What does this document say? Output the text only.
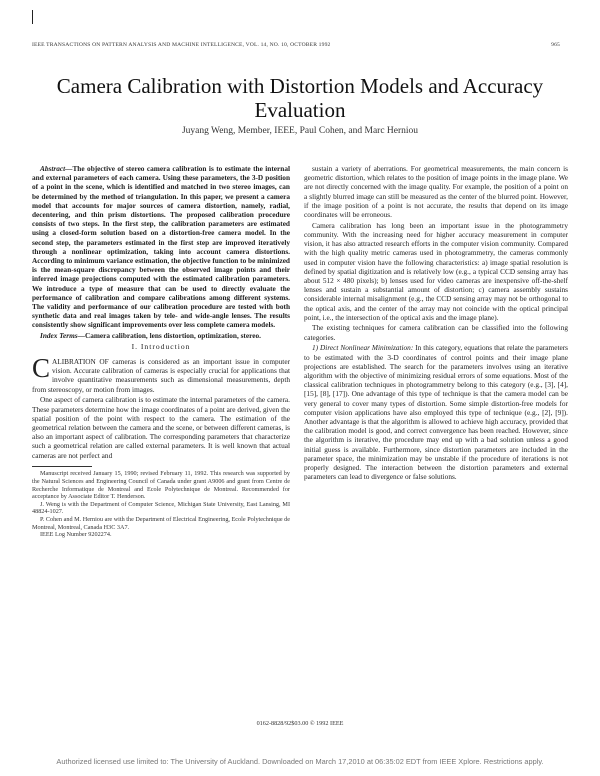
IEEE TRANSACTIONS ON PATTERN ANALYSIS AND MACHINE INTELLIGENCE, VOL. 14, NO. 10, OCTOBER 1992	965
Camera Calibration with Distortion Models and Accuracy Evaluation
Juyang Weng, Member, IEEE, Paul Cohen, and Marc Herniou

Abstract—The objective of stereo camera calibration is to estimate the internal and external parameters of each camera. Using these parameters, the 3-D position of a point in the scene, which is identified and matched in two stereo images, can be determined by the method of triangulation. In this paper, we present a camera model that accounts for major sources of camera distortion, namely, radial, decentering, and thin prism distortions. The proposed calibration procedure consists of two steps. In the first step, the calibration parameters are estimated using a closed-form solution based on a distortion-free camera model. In the second step, the parameters estimated in the first step are improved iteratively through a nonlinear optimization, taking into account camera distortions. According to minimum variance estimation, the objective function to be minimized is the mean-square discrepancy between the observed image points and their inferred image projections computed with the estimated calibration parameters. We introduce a type of measure that can be used to directly evaluate the performance of calibration and compare calibrations among different systems. The validity and performance of our calibration procedure are tested with both synthetic data and real images taken by tele- and wide-angle lenses. The results consistently show significant improvements over less complete camera models.

Index Terms—Camera calibration, lens distortion, optimization, stereo.

I. Introduction

CALIBRATION OF cameras is considered as an important issue in computer vision. Accurate calibration of cameras is especially crucial for applications that involve quantitative measurements such as dimensional measurements, depth from stereoscopy, or motion from images.

One aspect of camera calibration is to estimate the internal parameters of the camera. These parameters determine how the image coordinates of a point are derived, given the spatial position of the point with respect to the camera. The estimation of the geometrical relation between the camera and the scene, or between different cameras, is also an important aspect of calibration. The corresponding parameters that characterize such a geometrical relation are called external parameters. It is well known that actual cameras are not perfect and

Manuscript received January 15, 1990; revised February 11, 1992. This research was supported by the Natural Sciences and Engineering Council of Canada under grant A9006 and grant from Centre de Recherche Informatique de Montreal and Ecole Polytechnique de Montreal. Recommended for acceptance by Associate Editor T. Henderson.

J. Weng is with the Department of Computer Science, Michigan State University, East Lansing, MI 48824-1027.

P. Cohen and M. Herniou are with the Department of Electrical Engineering, Ecole Polytechnique de Montreal, Montreal, Canada H3C 3A7.

IEEE Log Number 9202274.

sustain a variety of aberrations. For geometrical measurements, the main concern is geometric distortion, which relates to the position of image points in the image plane. We are not directly concerned with the image quality. For example, the position of a point on a slightly blurred image can still be measured as the center of the blurred point. However, if the image position of a point is not accurate, the results that depend on its image coordinates will be erroneous.

Camera calibration has long been an important issue in the photogrammetry community. With the increasing need for higher accuracy measurement in computer vision, it has also attracted research efforts in the computer vision community. Compared with the high quality metric cameras used in photogrammetry, the cameras commonly used in computer vision have the following characteristics: a) image spatial resolution is defined by spatial digitization and is relatively low (e.g., a typical CCD sensing array has about 512 × 480 pixels); b) lenses used for video cameras are inexpensive off-the-shelf lenses and sustain a substantial amount of distortion; c) camera assembly sustains considerable internal misalignment (e.g., the CCD sensing array may not be orthogonal to the optical axis, and the center of the array may not coincide with the optical principal point, i.e., the intersection of the optical axis and the image plane).

The existing techniques for camera calibration can be classified into the following categories.

1) Direct Nonlinear Minimization: In this category, equations that relate the parameters to be estimated with the 3-D coordinates of control points and their image plane projections are established. The search for the parameters involves using an iterative algorithm with the objective of minimizing residual errors of some equations. Most of the classical calibration techniques in photogrammetry belong to this category (e.g., [3], [4], [15], [8], [17]). One advantage of this type of technique is that the camera model can be very general to cover many types of distortion. Some simple distortion-free models for computer vision applications have also employed this type of technique (e.g., [2], [9]). Another advantage is that the algorithm is allowed to achieve high accuracy, provided that the calibration model is good, and correct convergence has been reached. However, since the algorithm is iterative, the procedure may end up with a bad solution unless a good initial guess is available. Furthermore, since distortion parameters are included in the parameter space, the minimization may be unstable if the procedure of iterations is not properly designed. The interaction between the distortion parameters and external parameters can lead to divergence or false solutions.

0162-8828/92$03.00 © 1992 IEEE
Authorized licensed use limited to: The University of Auckland. Downloaded on March 17,2010 at 06:35:02 EDT from IEEE Xplore. Restrictions apply.
